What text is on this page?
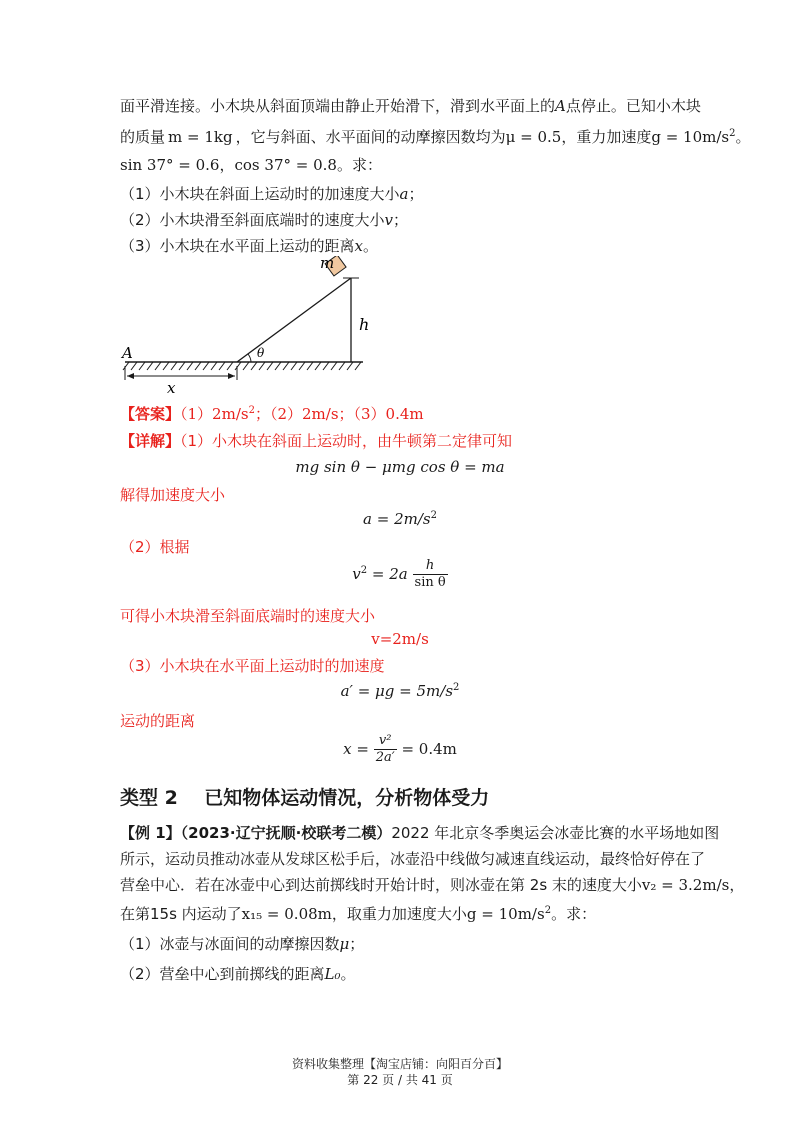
面平滑连接。小木块从斜面顶端由静止开始滑下，滑到水平面上的A点停止。已知小木块
的质量 m = 1kg ，它与斜面、水平面间的动摩擦因数均为μ = 0.5，重力加速度$g = 10m/s^2$。
sin 37° = 0.6，cos 37° = 0.8。求：
（1）小木块在斜面上运动时的加速度大小a；
（2）小木块滑至斜面底端时的速度大小v；
（3）小木块在水平面上运动的距离x。
m
h
A	θ
x
【答案】$(1)2m/s^2$；（2）2m/s；（3）0.4m
【详解】（1）小木块在斜面上运动时，由牛顿第二定律可知
mg sin θ − μmg cos θ = ma
解得加速度大小
$a = 2m/s^2$
（2）根据
$v^2 = 2a \frac{h}{\text{sin θ}}$
可得小木块滑至斜面底端时的速度大小
v=2m/s
（3）小木块在水平面上运动时的加速度
$a' = \mu g = 5m/s^2$
运动的距离
$x = \frac{\text{v²}}{2a'} = 0.4m$
类型 2    已知物体运动情况，分析物体受力
【例 1】（2023·辽宁抚顺·校联考二模）2022 年北京冬季奥运会冰壶比赛的水平场地如图
所示，运动员推动冰壶从发球区松手后，冰壶沿中线做匀减速直线运动，最终恰好停在了
营垒中心．若在冰壶中心到达前掷线时开始计时，则冰壶在第 2s 末的速度大小v₂ = 3.2m/s，
在第15s 内运动了x₁₅ = 0.08m，取重力加速度大小$g = 10m/s^2$。求：
（1）冰壶与冰面间的动摩擦因数μ；
（2）营垒中心到前掷线的距离L₀。
资料收集整理【淘宝店铺：向阳百分百】
第 22 页 / 共 41 页
